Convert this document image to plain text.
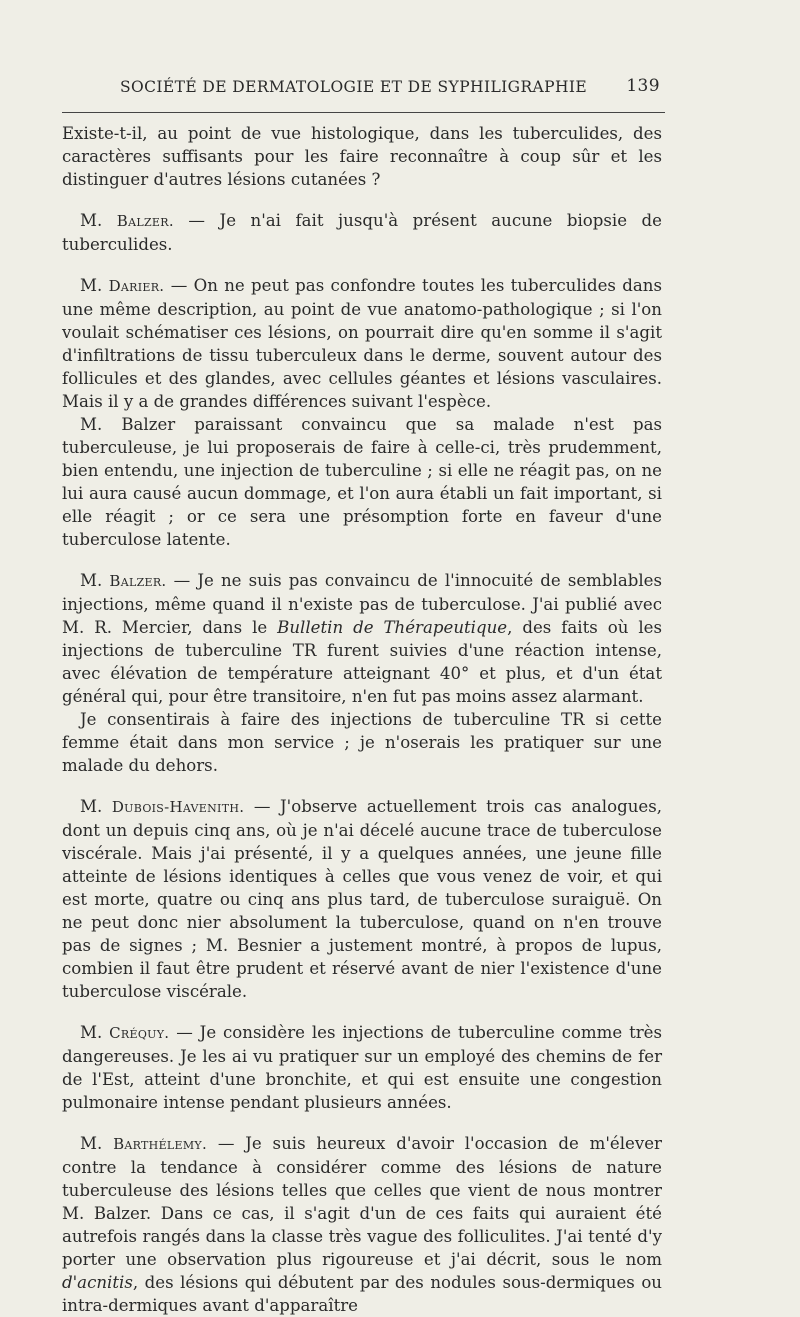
SOCIÉTÉ DE DERMATOLOGIE ET DE SYPHILIGRAPHIE 139

Existe-t-il, au point de vue histologique, dans les tuberculides, des caractères suffisants pour les faire reconnaître à coup sûr et les distinguer d'autres lésions cutanées ?

M. Balzer. — Je n'ai fait jusqu'à présent aucune biopsie de tuberculides.

M. Darier. — On ne peut pas confondre toutes les tuberculides dans une même description, au point de vue anatomo-pathologique ; si l'on voulait schématiser ces lésions, on pourrait dire qu'en somme il s'agit d'infiltrations de tissu tuberculeux dans le derme, souvent autour des follicules et des glandes, avec cellules géantes et lésions vasculaires. Mais il y a de grandes différences suivant l'espèce.

M. Balzer paraissant convaincu que sa malade n'est pas tuberculeuse, je lui proposerais de faire à celle-ci, très prudemment, bien entendu, une injection de tuberculine ; si elle ne réagit pas, on ne lui aura causé aucun dommage, et l'on aura établi un fait important, si elle réagit ; or ce sera une présomption forte en faveur d'une tuberculose latente.

M. Balzer. — Je ne suis pas convaincu de l'innocuité de semblables injections, même quand il n'existe pas de tuberculose. J'ai publié avec M. R. Mercier, dans le Bulletin de Thérapeutique, des faits où les injections de tuberculine TR furent suivies d'une réaction intense, avec élévation de température atteignant 40° et plus, et d'un état général qui, pour être transitoire, n'en fut pas moins assez alarmant.

Je consentirais à faire des injections de tuberculine TR si cette femme était dans mon service ; je n'oserais les pratiquer sur une malade du dehors.

M. Dubois-Havenith. — J'observe actuellement trois cas analogues, dont un depuis cinq ans, où je n'ai décelé aucune trace de tuberculose viscérale. Mais j'ai présenté, il y a quelques années, une jeune fille atteinte de lésions identiques à celles que vous venez de voir, et qui est morte, quatre ou cinq ans plus tard, de tuberculose suraiguë. On ne peut donc nier absolument la tuberculose, quand on n'en trouve pas de signes ; M. Besnier a justement montré, à propos de lupus, combien il faut être prudent et réservé avant de nier l'existence d'une tuberculose viscérale.

M. Créquy. — Je considère les injections de tuberculine comme très dangereuses. Je les ai vu pratiquer sur un employé des chemins de fer de l'Est, atteint d'une bronchite, et qui est ensuite une congestion pulmonaire intense pendant plusieurs années.

M. Barthélemy. — Je suis heureux d'avoir l'occasion de m'élever contre la tendance à considérer comme des lésions de nature tuberculeuse des lésions telles que celles que vient de nous montrer M. Balzer. Dans ce cas, il s'agit d'un de ces faits qui auraient été autrefois rangés dans la classe très vague des folliculites. J'ai tenté d'y porter une observation plus rigoureuse et j'ai décrit, sous le nom d'acnitis, des lésions qui débutent par des nodules sous-dermiques ou intra-dermiques avant d'apparaître
